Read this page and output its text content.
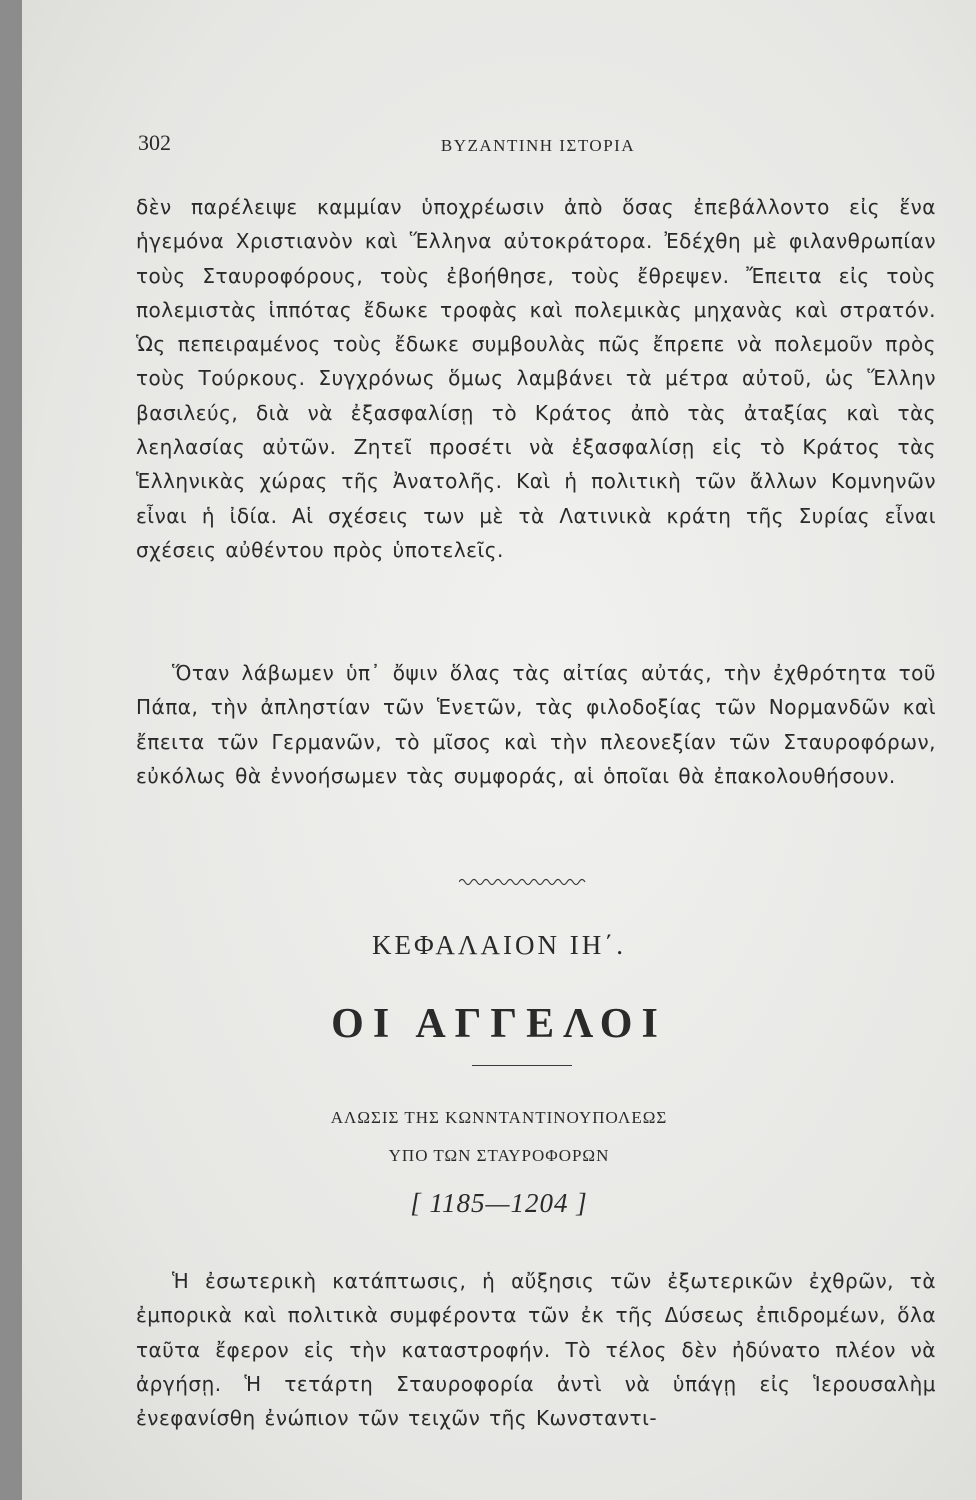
302	ΒΥΖΑΝΤΙΝΗ ΙΣΤΟΡΙΑ

δὲν παρέλειψε καμμίαν ὑποχρέωσιν ἀπὸ ὅσας ἐπεβάλλοντο εἰς ἕνα ἡγεμόνα Χριστιανὸν καὶ Ἕλληνα αὐτοκράτορα. Ἐδέχθη μὲ φιλανθρωπίαν τοὺς Σταυροφόρους, τοὺς ἐβοήθησε, τοὺς ἔθρεψεν. Ἔπειτα εἰς τοὺς πολεμιστὰς ἱππότας ἔδωκε τροφὰς καὶ πολεμικὰς μηχανὰς καὶ στρατόν. Ὡς πεπειραμένος τοὺς ἔδωκε συμβουλὰς πῶς ἔπρεπε νὰ πολεμοῦν πρὸς τοὺς Τούρκους. Συγχρόνως ὅμως λαμβάνει τὰ μέτρα αὐτοῦ, ὡς Ἕλλην βασιλεύς, διὰ νὰ ἐξασφαλίσῃ τὸ Κράτος ἀπὸ τὰς ἀταξίας καὶ τὰς λεηλασίας αὐτῶν. Ζητεῖ προσέτι νὰ ἐξασφαλίσῃ εἰς τὸ Κράτος τὰς Ἑλληνικὰς χώρας τῆς Ἀνατολῆς. Καὶ ἡ πολιτικὴ τῶν ἄλλων Κομνηνῶν εἶναι ἡ ἰδία. Αἱ σχέσεις των μὲ τὰ Λατινικὰ κράτη τῆς Συρίας εἶναι σχέσεις αὐθέντου πρὸς ὑποτελεῖς.

Ὅταν λάβωμεν ὑπ᾿ ὄψιν ὅλας τὰς αἰτίας αὐτάς, τὴν ἐχθρότητα τοῦ Πάπα, τὴν ἀπληστίαν τῶν Ἑνετῶν, τὰς φιλοδοξίας τῶν Νορμανδῶν καὶ ἔπειτα τῶν Γερμανῶν, τὸ μῖσος καὶ τὴν πλεονεξίαν τῶν Σταυροφόρων, εὐκόλως θὰ ἐννοήσωμεν τὰς συμφοράς, αἱ ὁποῖαι θὰ ἐπακολουθήσουν.

ΚΕΦΑΛΑΙΟΝ ΙΗ΄.
ΟΙ ΑΓΓΕΛΟΙ
ΑΛΩΣΙΣ ΤΗΣ ΚΩΝΝΤΑΝΤΙΝΟΥΠΟΛΕΩΣ
ΥΠΟ ΤΩΝ ΣΤΑΥΡΟΦΟΡΩΝ
[ 1185—1204 ]

Ἡ ἐσωτερικὴ κατάπτωσις, ἡ αὔξησις τῶν ἐξωτερικῶν ἐχθρῶν, τὰ ἐμπορικὰ καὶ πολιτικὰ συμφέροντα τῶν ἐκ τῆς Δύσεως ἐπιδρομέων, ὅλα ταῦτα ἔφερον εἰς τὴν καταστροφήν. Τὸ τέλος δὲν ἠδύνατο πλέον νὰ ἀργήσῃ. Ἡ τετάρτη Σταυροφορία ἀντὶ νὰ ὑπάγῃ εἰς Ἱερουσαλὴμ ἐνεφανίσθη ἐνώπιον τῶν τειχῶν τῆς Κωνσταντι-
